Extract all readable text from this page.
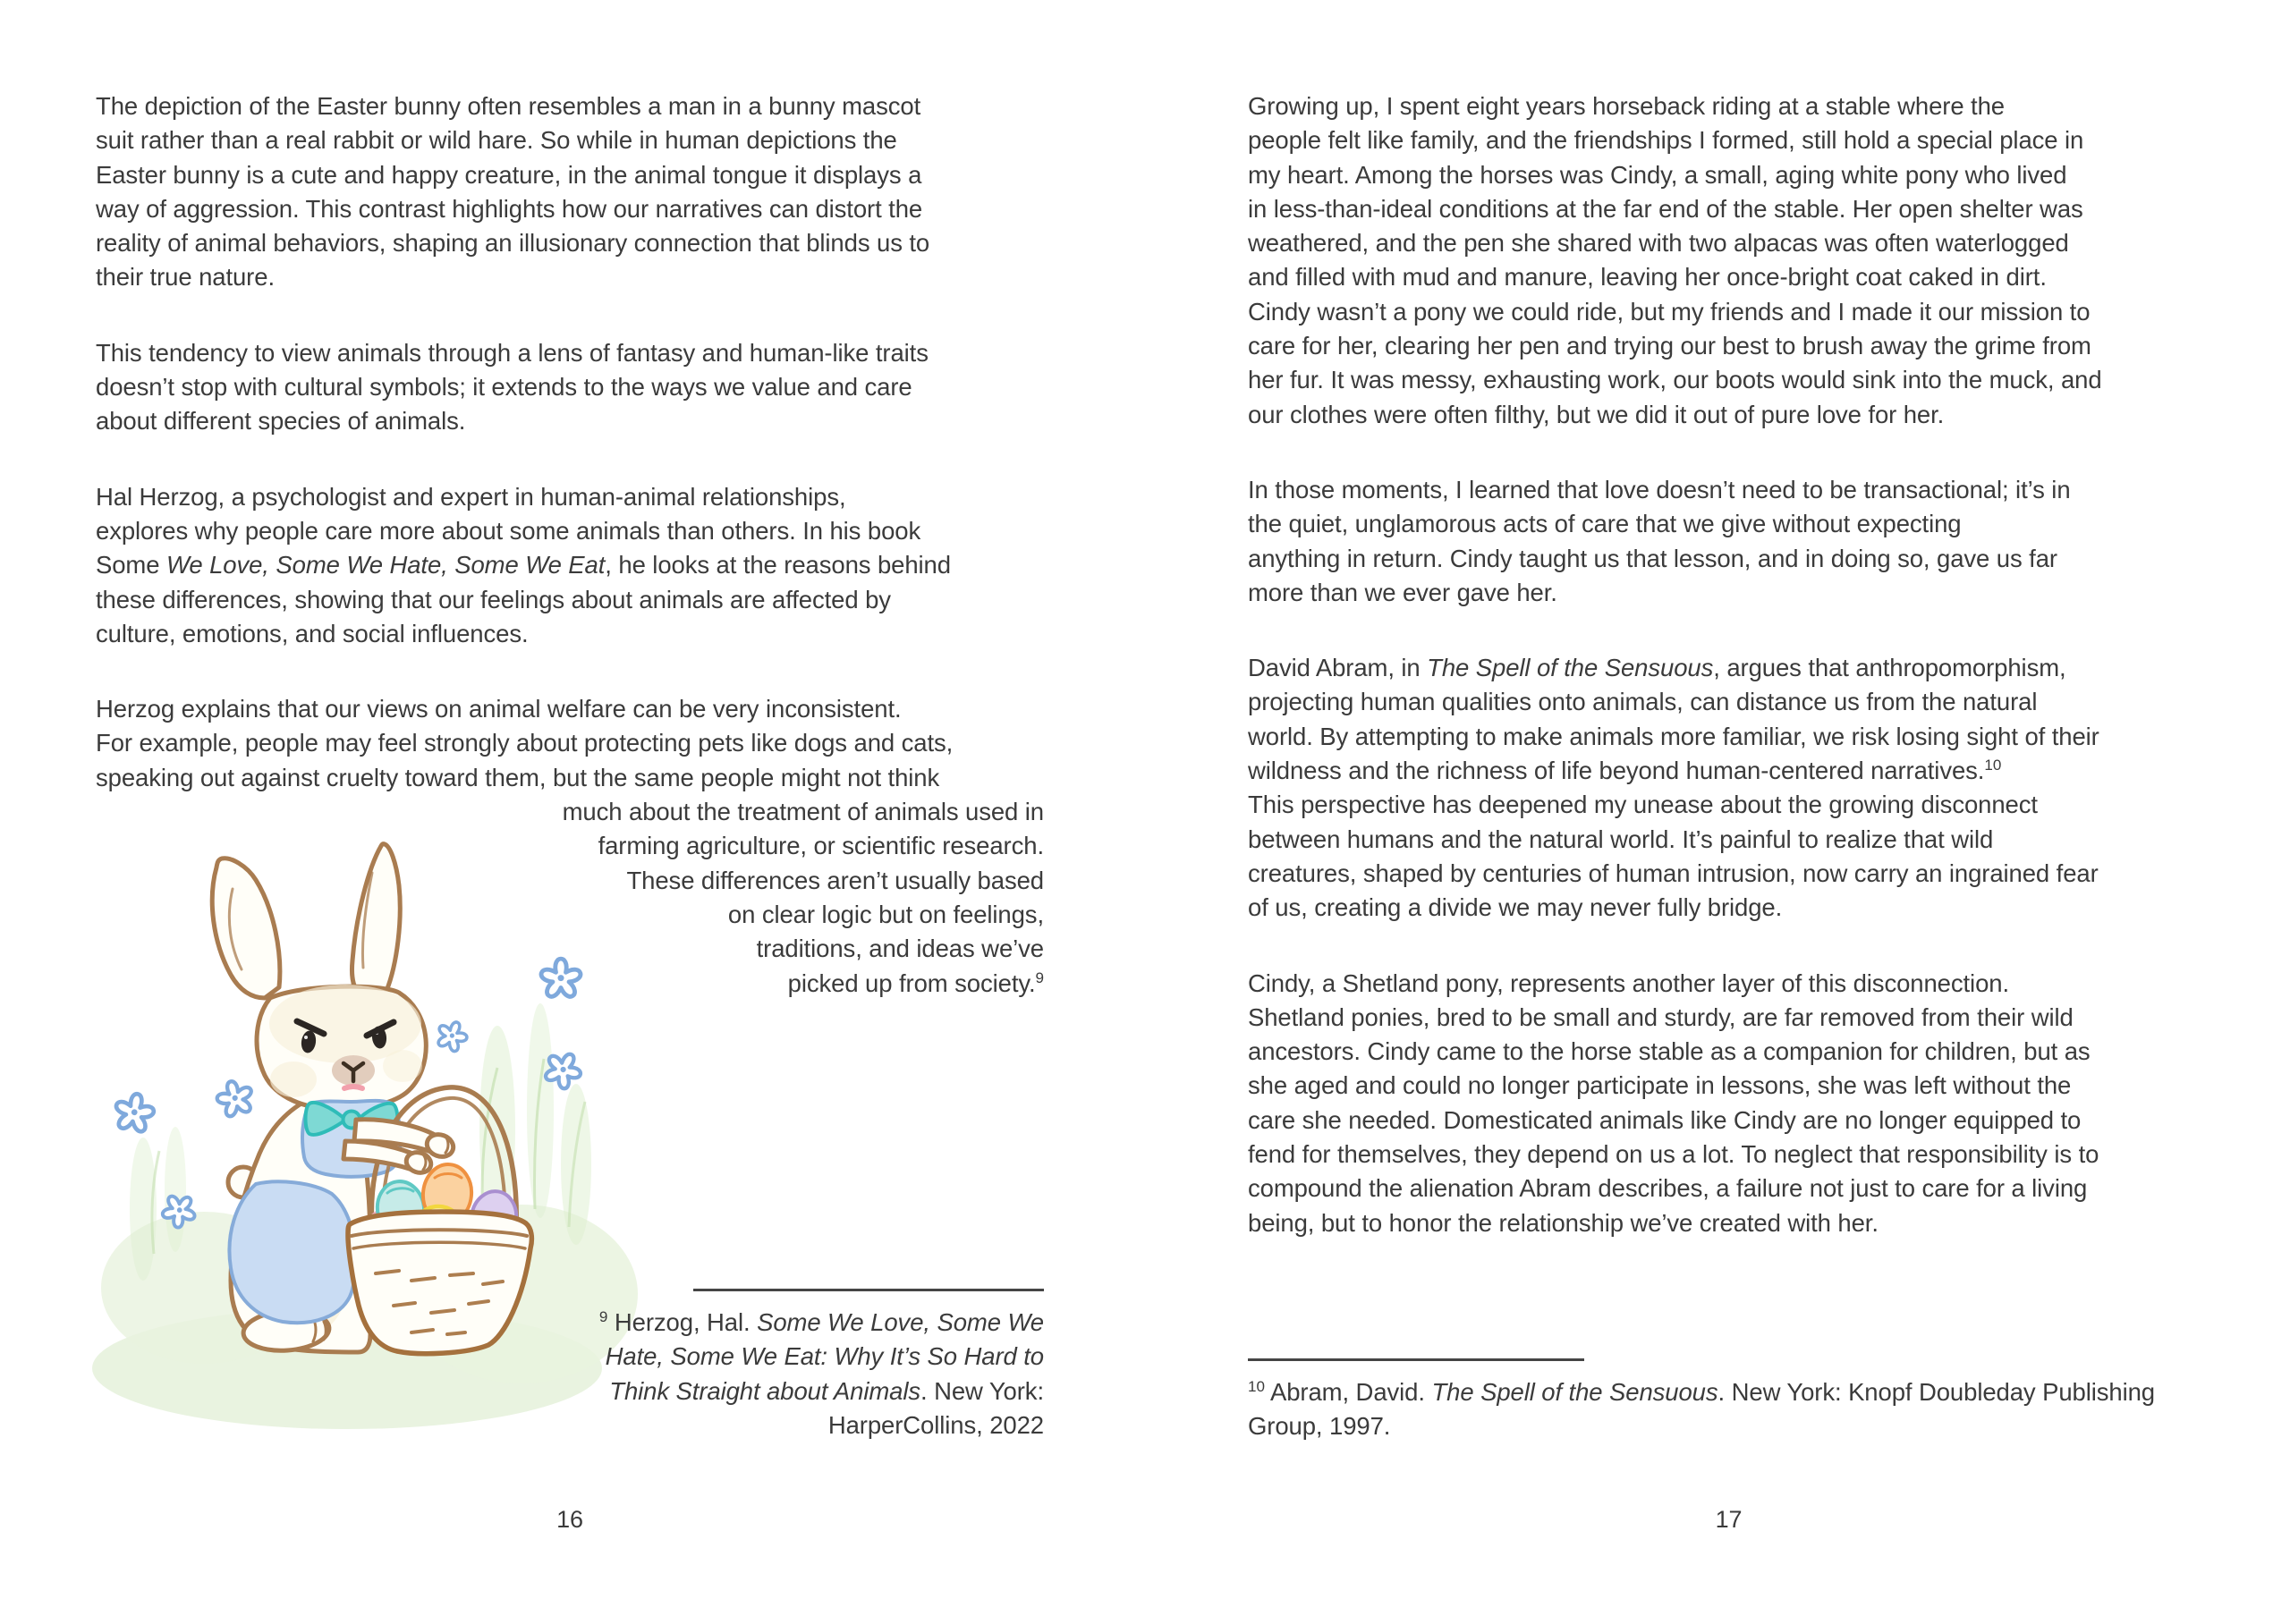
The depiction of the Easter bunny often resembles a man in a bunny mascot
suit rather than a real rabbit or wild hare. So while in human depictions the
Easter bunny is a cute and happy creature, in the animal tongue it displays a
way of aggression. This contrast highlights how our narratives can distort the
reality of animal behaviors, shaping an illusionary connection that blinds us to
their true nature.
This tendency to view animals through a lens of fantasy and human-like traits
doesn’t stop with cultural symbols; it extends to the ways we value and care
about different species of animals.
Hal Herzog, a psychologist and expert in human-animal relationships,
explores why people care more about some animals than others. In his book
Some We Love, Some We Hate, Some We Eat, he looks at the reasons behind
these differences, showing that our feelings about animals are affected by
culture, emotions, and social influences.
Herzog explains that our views on animal welfare can be very inconsistent.
For example, people may feel strongly about protecting pets like dogs and cats,
speaking out against cruelty toward them, but the same people might not think
much about the treatment of animals used in
farming agriculture, or scientific research.
These differences aren’t usually based
on clear logic but on feelings,
traditions, and ideas we’ve
picked up from society.$^9$
$^9$ Herzog, Hal. Some We Love, Some We
Hate, Some We Eat: Why It’s So Hard to
Think Straight about Animals. New York:
HarperCollins, 2022
16
Growing up, I spent eight years horseback riding at a stable where the
people felt like family, and the friendships I formed, still hold a special place in
my heart. Among the horses was Cindy, a small, aging white pony who lived
in less-than-ideal conditions at the far end of the stable. Her open shelter was
weathered, and the pen she shared with two alpacas was often waterlogged
and filled with mud and manure, leaving her once-bright coat caked in dirt.
Cindy wasn’t a pony we could ride, but my friends and I made it our mission to
care for her, clearing her pen and trying our best to brush away the grime from
her fur. It was messy, exhausting work, our boots would sink into the muck, and
our clothes were often filthy, but we did it out of pure love for her.
In those moments, I learned that love doesn’t need to be transactional; it’s in
the quiet, unglamorous acts of care that we give without expecting
anything in return. Cindy taught us that lesson, and in doing so, gave us far
more than we ever gave her.
David Abram, in The Spell of the Sensuous, argues that anthropomorphism,
projecting human qualities onto animals, can distance us from the natural
world. By attempting to make animals more familiar, we risk losing sight of their
wildness and the richness of life beyond human-centered narratives.$^{10}$
This perspective has deepened my unease about the growing disconnect
between humans and the natural world. It’s painful to realize that wild
creatures, shaped by centuries of human intrusion, now carry an ingrained fear
of us, creating a divide we may never fully bridge.
Cindy, a Shetland pony, represents another layer of this disconnection.
Shetland ponies, bred to be small and sturdy, are far removed from their wild
ancestors. Cindy came to the horse stable as a companion for children, but as
she aged and could no longer participate in lessons, she was left without the
care she needed. Domesticated animals like Cindy are no longer equipped to
fend for themselves, they depend on us a lot. To neglect that responsibility is to
compound the alienation Abram describes, a failure not just to care for a living
being, but to honor the relationship we’ve created with her.
$^{10}$ Abram, David. The Spell of the Sensuous. New York: Knopf Doubleday Publishing
Group, 1997.
17
